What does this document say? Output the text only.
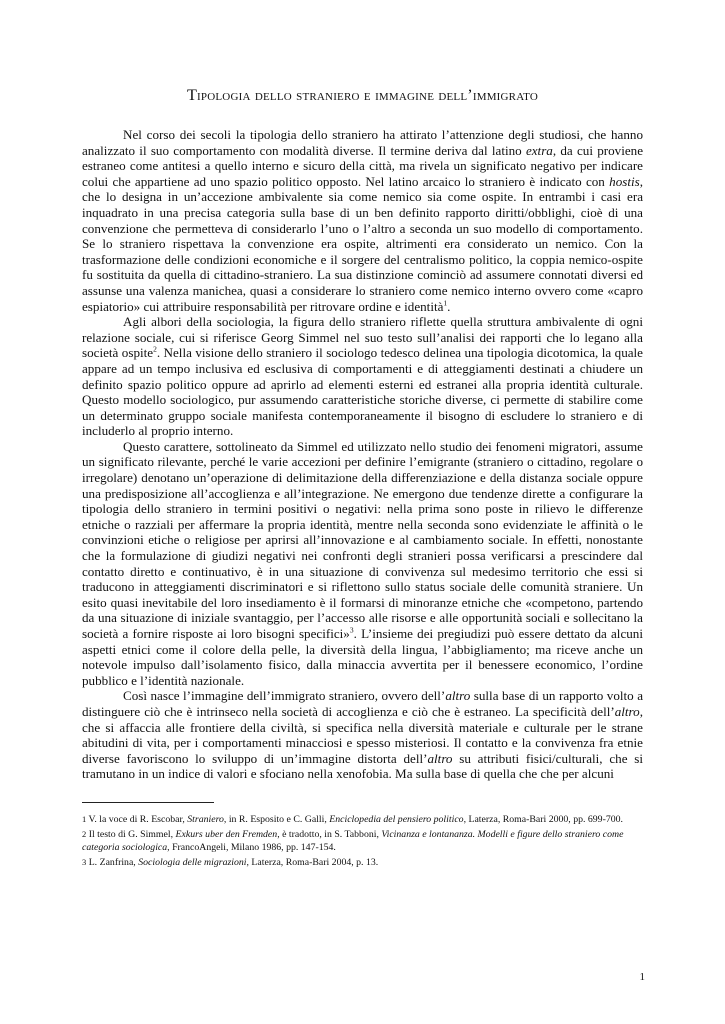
Tipologia dello straniero e immagine dell’immigrato

Nel corso dei secoli la tipologia dello straniero ha attirato l’attenzione degli studiosi, che hanno analizzato il suo comportamento con modalità diverse. Il termine deriva dal latino extra, da cui proviene estraneo come antitesi a quello interno e sicuro della città, ma rivela un significato negativo per indicare colui che appartiene ad uno spazio politico opposto. Nel latino arcaico lo straniero è indicato con hostis, che lo designa in un’accezione ambivalente sia come nemico sia come ospite. In entrambi i casi era inquadrato in una precisa categoria sulla base di un ben definito rapporto diritti/obblighi, cioè di una convenzione che permetteva di considerarlo l’uno o l’altro a seconda un suo modello di comportamento. Se lo straniero rispettava la convenzione era ospite, altrimenti era considerato un nemico. Con la trasformazione delle condizioni economiche e il sorgere del centralismo politico, la coppia nemico-ospite fu sostituita da quella di cittadino-straniero. La sua distinzione cominciò ad assumere connotati diversi ed assunse una valenza manichea, quasi a considerare lo straniero come nemico interno ovvero come «capro espiatorio» cui attribuire responsabilità per ritrovare ordine e identità$^1$.

Agli albori della sociologia, la figura dello straniero riflette quella struttura ambivalente di ogni relazione sociale, cui si riferisce Georg Simmel nel suo testo sull’analisi dei rapporti che lo legano alla società ospite$^2$. Nella visione dello straniero il sociologo tedesco delinea una tipologia dicotomica, la quale appare ad un tempo inclusiva ed esclusiva di comportamenti e di atteggiamenti destinati a chiudere un definito spazio politico oppure ad aprirlo ad elementi esterni ed estranei alla propria identità culturale. Questo modello sociologico, pur assumendo caratteristiche storiche diverse, ci permette di stabilire come un determinato gruppo sociale manifesta contemporaneamente il bisogno di escludere lo straniero e di includerlo al proprio interno.

Questo carattere, sottolineato da Simmel ed utilizzato nello studio dei fenomeni migratori, assume un significato rilevante, perché le varie accezioni per definire l’emigrante (straniero o cittadino, regolare o irregolare) denotano un’operazione di delimitazione della differenziazione e della distanza sociale oppure una predisposizione all’accoglienza e all’integrazione. Ne emergono due tendenze dirette a configurare la tipologia dello straniero in termini positivi o negativi: nella prima sono poste in rilievo le differenze etniche o razziali per affermare la propria identità, mentre nella seconda sono evidenziate le affinità o le convinzioni etiche o religiose per aprirsi all’innovazione e al cambiamento sociale. In effetti, nonostante che la formulazione di giudizi negativi nei confronti degli stranieri possa verificarsi a prescindere dal contatto diretto e continuativo, è in una situazione di convivenza sul medesimo territorio che essi si traducono in atteggiamenti discriminatori e si riflettono sullo status sociale delle comunità straniere. Un esito quasi inevitabile del loro insediamento è il formarsi di minoranze etniche che «competono, partendo da una situazione di iniziale svantaggio, per l’accesso alle risorse e alle opportunità sociali e sollecitano la società a fornire risposte ai loro bisogni specifici»$^3$. L’insieme dei pregiudizi può essere dettato da alcuni aspetti etnici come il colore della pelle, la diversità della lingua, l’abbigliamento; ma riceve anche un notevole impulso dall’isolamento fisico, dalla minaccia avvertita per il benessere economico, l’ordine pubblico e l’identità nazionale.

Così nasce l’immagine dell’immigrato straniero, ovvero dell’altro sulla base di un rapporto volto a distinguere ciò che è intrinseco nella società di accoglienza e ciò che è estraneo. La specificità dell’altro, che si affaccia alle frontiere della civiltà, si specifica nella diversità materiale e culturale per le strane abitudini di vita, per i comportamenti minacciosi e spesso misteriosi. Il contatto e la convivenza fra etnie diverse favoriscono lo sviluppo di un’immagine distorta dell’altro su attributi fisici/culturali, che si tramutano in un indice di valori e sfociano nella xenofobia. Ma sulla base di quella che che per alcuni

1 V. la voce di R. Escobar, Straniero, in R. Esposito e C. Galli, Enciclopedia del pensiero politico, Laterza, Roma-Bari 2000, pp. 699-700.
2 Il testo di G. Simmel, Exkurs uber den Fremden, è tradotto, in S. Tabboni, Vicinanza e lontananza. Modelli e figure dello straniero come categoria sociologica, FrancoAngeli, Milano 1986, pp. 147-154.
3 L. Zanfrina, Sociologia delle migrazioni, Laterza, Roma-Bari 2004, p. 13.
1
